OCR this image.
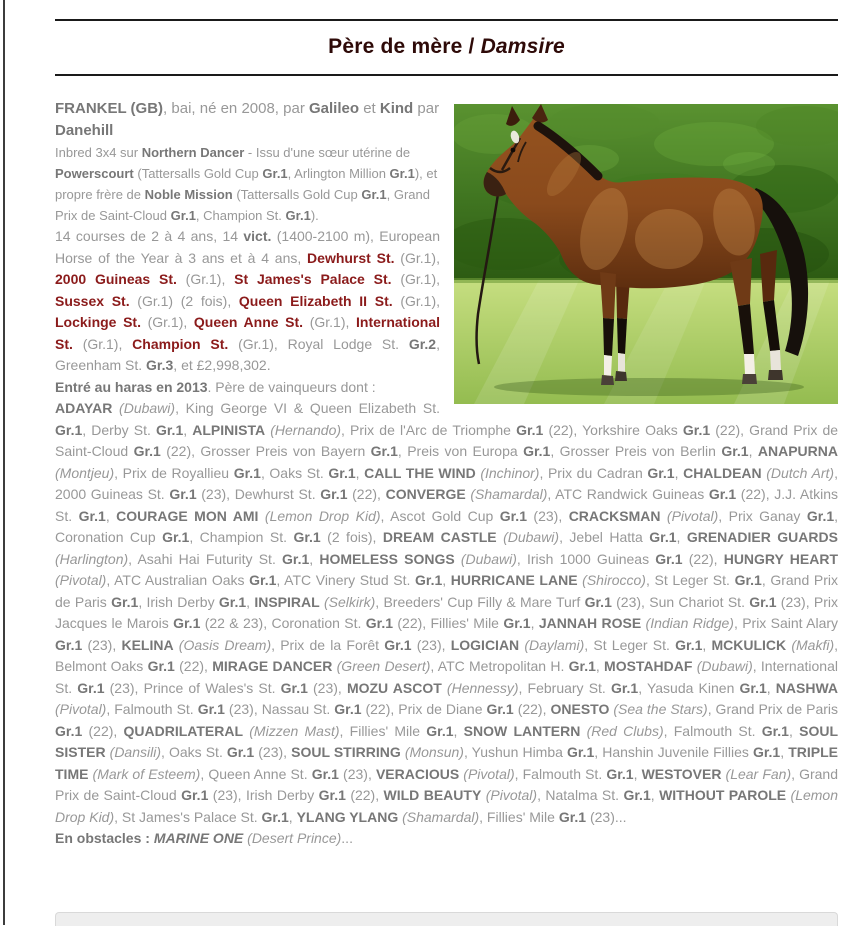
Père de mère / Damsire

FRANKEL (GB), bai, né en 2008, par Galileo et Kind par Danehill

Inbred 3x4 sur Northern Dancer - Issu d'une sœur utérine de Powerscourt (Tattersalls Gold Cup Gr.1, Arlington Million Gr.1), et propre frère de Noble Mission (Tattersalls Gold Cup Gr.1, Grand Prix de Saint-Cloud Gr.1, Champion St. Gr.1).

14 courses de 2 à 4 ans, 14 vict. (1400-2100 m), European Horse of the Year à 3 ans et à 4 ans, Dewhurst St. (Gr.1), 2000 Guineas St. (Gr.1), St James's Palace St. (Gr.1), Sussex St. (Gr.1) (2 fois), Queen Elizabeth II St. (Gr.1), Lockinge St. (Gr.1), Queen Anne St. (Gr.1), International St. (Gr.1), Champion St. (Gr.1), Royal Lodge St. Gr.2, Greenham St. Gr.3, et £2,998,302.

Entré au haras en 2013. Père de vainqueurs dont :

ADAYAR (Dubawi), King George VI & Queen Elizabeth St. Gr.1, Derby St. Gr.1, ALPINISTA (Hernando), Prix de l'Arc de Triomphe Gr.1 (22), Yorkshire Oaks Gr.1 (22), Grand Prix de Saint-Cloud Gr.1 (22), Grosser Preis von Bayern Gr.1, Preis von Europa Gr.1, Grosser Preis von Berlin Gr.1, ANAPURNA (Montjeu), Prix de Royallieu Gr.1, Oaks St. Gr.1, CALL THE WIND (Inchinor), Prix du Cadran Gr.1, CHALDEAN (Dutch Art), 2000 Guineas St. Gr.1 (23), Dewhurst St. Gr.1 (22), CONVERGE (Shamardal), ATC Randwick Guineas Gr.1 (22), J.J. Atkins St. Gr.1, COURAGE MON AMI (Lemon Drop Kid), Ascot Gold Cup Gr.1 (23), CRACKSMAN (Pivotal), Prix Ganay Gr.1, Coronation Cup Gr.1, Champion St. Gr.1 (2 fois), DREAM CASTLE (Dubawi), Jebel Hatta Gr.1, GRENADIER GUARDS (Harlington), Asahi Hai Futurity St. Gr.1, HOMELESS SONGS (Dubawi), Irish 1000 Guineas Gr.1 (22), HUNGRY HEART (Pivotal), ATC Australian Oaks Gr.1, ATC Vinery Stud St. Gr.1, HURRICANE LANE (Shirocco), St Leger St. Gr.1, Grand Prix de Paris Gr.1, Irish Derby Gr.1, INSPIRAL (Selkirk), Breeders' Cup Filly & Mare Turf Gr.1 (23), Sun Chariot St. Gr.1 (23), Prix Jacques le Marois Gr.1 (22 & 23), Coronation St. Gr.1 (22), Fillies' Mile Gr.1, JANNAH ROSE (Indian Ridge), Prix Saint Alary Gr.1 (23), KELINA (Oasis Dream), Prix de la Forêt Gr.1 (23), LOGICIAN (Daylami), St Leger St. Gr.1, MCKULICK (Makfi), Belmont Oaks Gr.1 (22), MIRAGE DANCER (Green Desert), ATC Metropolitan H. Gr.1, MOSTAHDAF (Dubawi), International St. Gr.1 (23), Prince of Wales's St. Gr.1 (23), MOZU ASCOT (Hennessy), February St. Gr.1, Yasuda Kinen Gr.1, NASHWA (Pivotal), Falmouth St. Gr.1 (23), Nassau St. Gr.1 (22), Prix de Diane Gr.1 (22), ONESTO (Sea the Stars), Grand Prix de Paris Gr.1 (22), QUADRILATERAL (Mizzen Mast), Fillies' Mile Gr.1, SNOW LANTERN (Red Clubs), Falmouth St. Gr.1, SOUL SISTER (Dansili), Oaks St. Gr.1 (23), SOUL STIRRING (Monsun), Yushun Himba Gr.1, Hanshin Juvenile Fillies Gr.1, TRIPLE TIME (Mark of Esteem), Queen Anne St. Gr.1 (23), VERACIOUS (Pivotal), Falmouth St. Gr.1, WESTOVER (Lear Fan), Grand Prix de Saint-Cloud Gr.1 (23), Irish Derby Gr.1 (22), WILD BEAUTY (Pivotal), Natalma St. Gr.1, WITHOUT PAROLE (Lemon Drop Kid), St James's Palace St. Gr.1, YLANG YLANG (Shamardal), Fillies' Mile Gr.1 (23)...

En obstacles : MARINE ONE (Desert Prince)...
